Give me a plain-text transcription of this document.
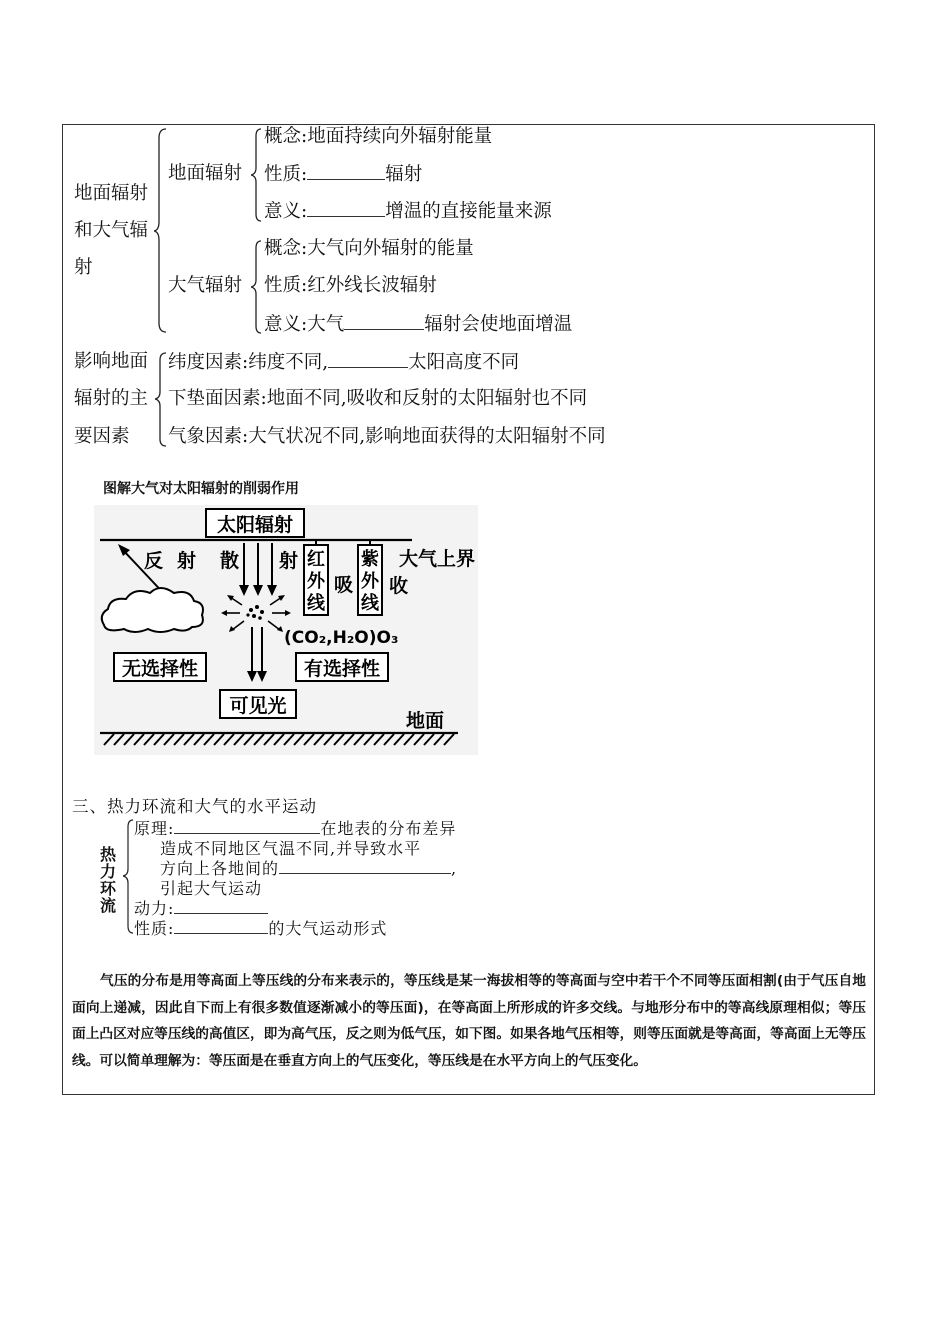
地面辐射
和大气辐
射
地面辐射
概念:地面持续向外辐射能量
性质:	辐射
意义:	增温的直接能量来源
大气辐射
概念:大气向外辐射的能量
性质:红外线长波辐射
意义:大气	辐射会使地面增温
影响地面
辐射的主
要因素
纬度因素:纬度不同,	太阳高度不同
下垫面因素:地面不同,吸收和反射的太阳辐射也不同
气象因素:大气状况不同,影响地面获得的太阳辐射不同
图解大气对太阳辐射的削弱作用
太阳辐射
大气上界
收
反 射 散 射 红
外
线
吸
紫
外
线
(CO₂,H₂O)O₃
无选择性	有选择性
可见光
地面
三、热力环流和大气的水平运动
热
力
环
流
原理:	在地表的分布差异
造成不同地区气温不同,并导致水平
方向上各地间的	,
引起大气运动
动力:
性质:	的大气运动形式
气压的分布是用等高面上等压线的分布来表示的，等压线是某一海拔相等的等高面与空中若干个不同等压面相割(由于气压自地面向上递减，因此自下而上有很多数值逐渐减小的等压面)，在等高面上所形成的许多交线。与地形分布中的等高线原理相似；等压面上凸区对应等压线的高值区，即为高气压，反之则为低气压，如下图。如果各地气压相等，则等压面就是等高面，等高面上无等压线。可以简单理解为：等压面是在垂直方向上的气压变化，等压线是在水平方向上的气压变化。
